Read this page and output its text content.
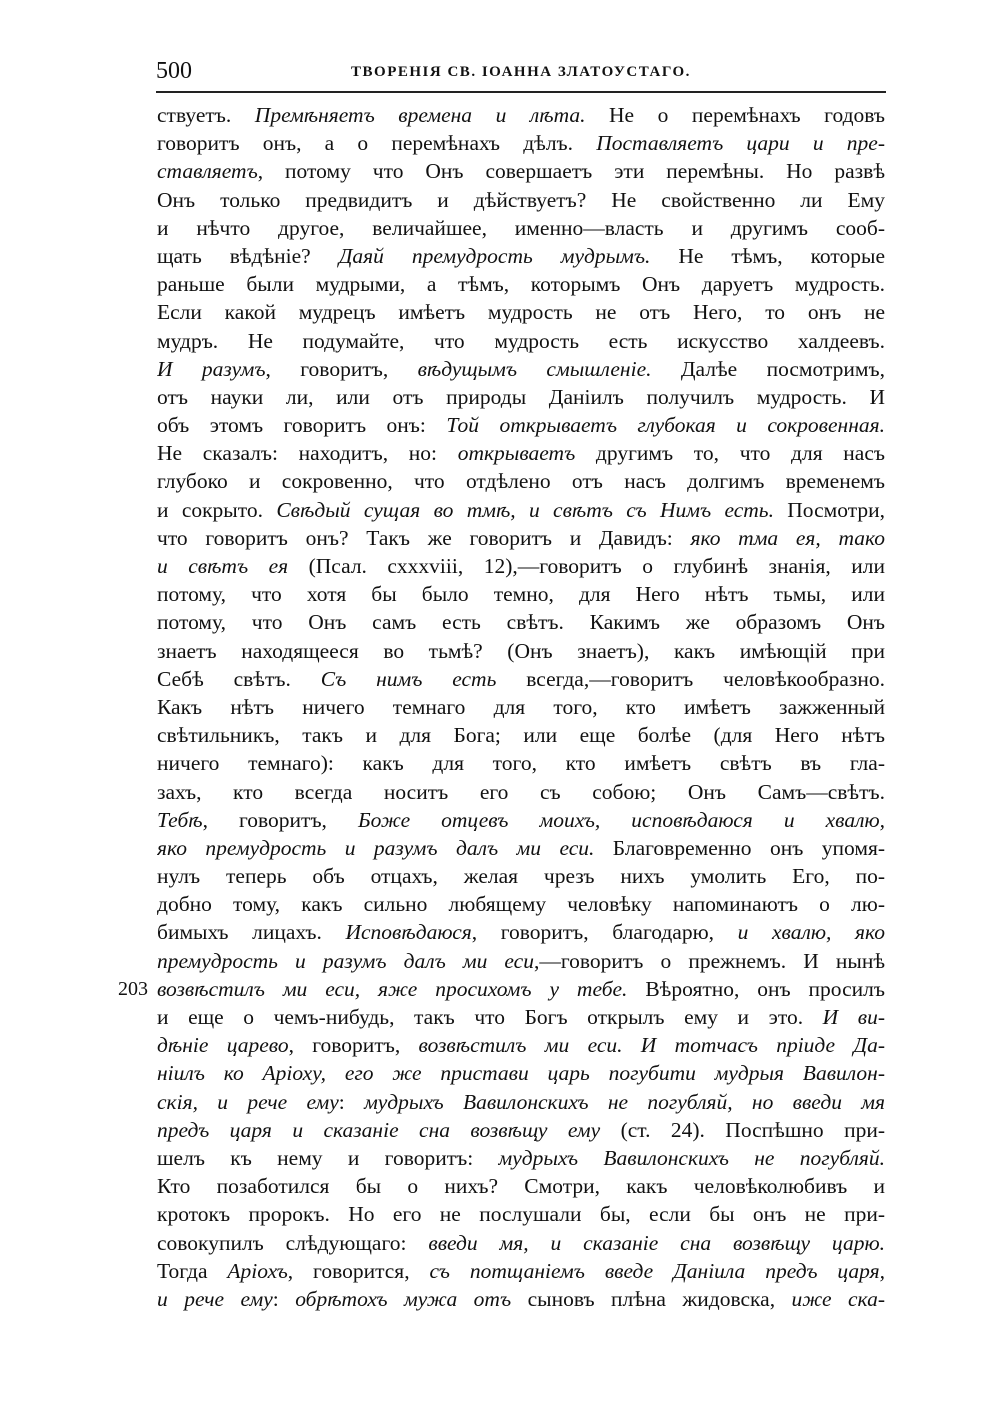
500	ТВОРЕНІЯ СВ. ІОАННА ЗЛАТОУСТАГО.
203
ствуетъ. Премѣняетъ времена и лѣта. Не о перемѣнахъ годовъ
говоритъ онъ, а о перемѣнахъ дѣлъ. Поставляетъ цари и пре-
ставляетъ, потому что Онъ совершаетъ эти перемѣны. Но развѣ
Онъ только предвидитъ и дѣйствуетъ? Не свойственно ли Ему
и нѣчто другое, величайшее, именно—власть и другимъ сооб-
щать вѣдѣніе? Даяй премудрость мудрымъ. Не тѣмъ, которые
раньше были мудрыми, а тѣмъ, которымъ Онъ даруетъ мудрость.
Если какой мудрецъ имѣетъ мудрость не отъ Него, то онъ не
мудръ. Не подумайте, что мудрость есть искусство халдеевъ.
И разумъ, говоритъ, вѣдущымъ смышленіе. Далѣе посмотримъ,
отъ науки ли, или отъ природы Даніилъ получилъ мудрость. И
объ этомъ говоритъ онъ: Той открываетъ глубокая и сокровенная.
Не сказалъ: находитъ, но: открываетъ другимъ то, что для насъ
глубоко и сокровенно, что отдѣлено отъ насъ долгимъ временемъ
и сокрыто. Свѣдый сущая во тмѣ, и свѣтъ съ Нимъ есть. Посмотри,
что говоритъ онъ? Такъ же говоритъ и Давидъ: яко тма ея, тако
и свѣтъ ея (Псал. cxxxvііі, 12),—говоритъ о глубинѣ знанія, или
потому, что хотя бы было темно, для Него нѣтъ тьмы, или
потому, что Онъ самъ есть свѣтъ. Какимъ же образомъ Онъ
знаетъ находящееся во тьмѣ? (Онъ знаетъ), какъ имѣющій при
Себѣ свѣтъ. Съ нимъ есть всегда,—говоритъ человѣкообразно.
Какъ нѣтъ ничего темнаго для того, кто имѣетъ зажженный
свѣтильникъ, такъ и для Бога; или еще болѣе (для Него нѣтъ
ничего темнаго): какъ для того, кто имѣетъ свѣтъ въ гла-
захъ, кто всегда носитъ его съ собою; Онъ Самъ—свѣтъ.
Тебѣ, говоритъ, Боже отцевъ моихъ, исповѣдаюся и хвалю,
яко премудрость и разумъ далъ ми еси. Благовременно онъ упомя-
нулъ теперь объ отцахъ, желая чрезъ нихъ умолить Его, по-
добно тому, какъ сильно любящему человѣку напоминаютъ о лю-
бимыхъ лицахъ. Исповѣдаюся, говоритъ, благодарю, и хвалю, яко
премудрость и разумъ далъ ми еси,—говоритъ о прежнемъ. И нынѣ
возвѣстилъ ми еси, яже просихомъ у тебе. Вѣроятно, онъ просилъ
и еще о чемъ-нибудь, такъ что Богъ открылъ ему и это. И ви-
дѣніе царево, говоритъ, возвѣстилъ ми еси. И тотчасъ пріиде Да-
ніилъ ко Аріоху, его же пристави царь погубити мудрыя Вавилон-
скія, и рече ему: мудрыхъ Вавилонскихъ не погубляй, но введи мя
предъ царя и сказаніе сна возвѣщу ему (ст. 24). Поспѣшно при-
шелъ къ нему и говоритъ: мудрыхъ Вавилонскихъ не погубляй.
Кто позаботился бы о нихъ? Смотри, какъ человѣколюбивъ и
кротокъ пророкъ. Но его не послушали бы, если бы онъ не при-
совокупилъ слѣдующаго: введи мя, и сказаніе сна возвѣщу царю.
Тогда Аріохъ, говорится, съ потщаніемъ введе Даніила предъ царя,
и рече ему: обрѣтохъ мужа отъ сыновъ плѣна жидовска, иже ска-
